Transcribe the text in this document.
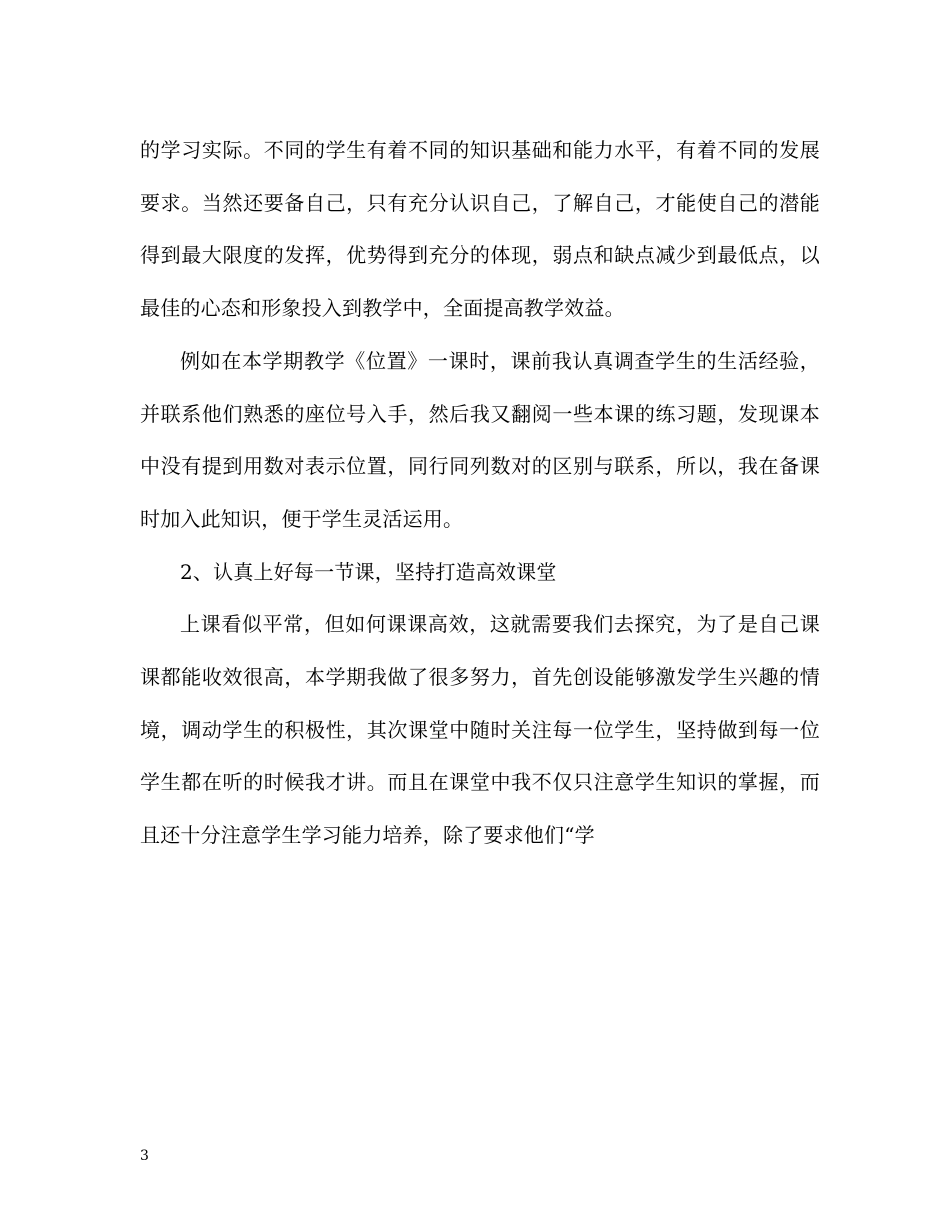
的学习实际。不同的学生有着不同的知识基础和能力水平，有着不同的发展要求。当然还要备自己，只有充分认识自己，了解自己，才能使自己的潜能得到最大限度的发挥，优势得到充分的体现，弱点和缺点减少到最低点，以最佳的心态和形象投入到教学中，全面提高教学效益。

例如在本学期教学《位置》一课时，课前我认真调查学生的生活经验，并联系他们熟悉的座位号入手，然后我又翻阅一些本课的练习题，发现课本中没有提到用数对表示位置，同行同列数对的区别与联系，所以，我在备课时加入此知识，便于学生灵活运用。

2、认真上好每一节课，坚持打造高效课堂

上课看似平常，但如何课课高效，这就需要我们去探究，为了是自己课课都能收效很高，本学期我做了很多努力，首先创设能够激发学生兴趣的情境，调动学生的积极性，其次课堂中随时关注每一位学生，坚持做到每一位学生都在听的时候我才讲。而且在课堂中我不仅只注意学生知识的掌握，而且还十分注意学生学习能力培养，除了要求他们“学

3
